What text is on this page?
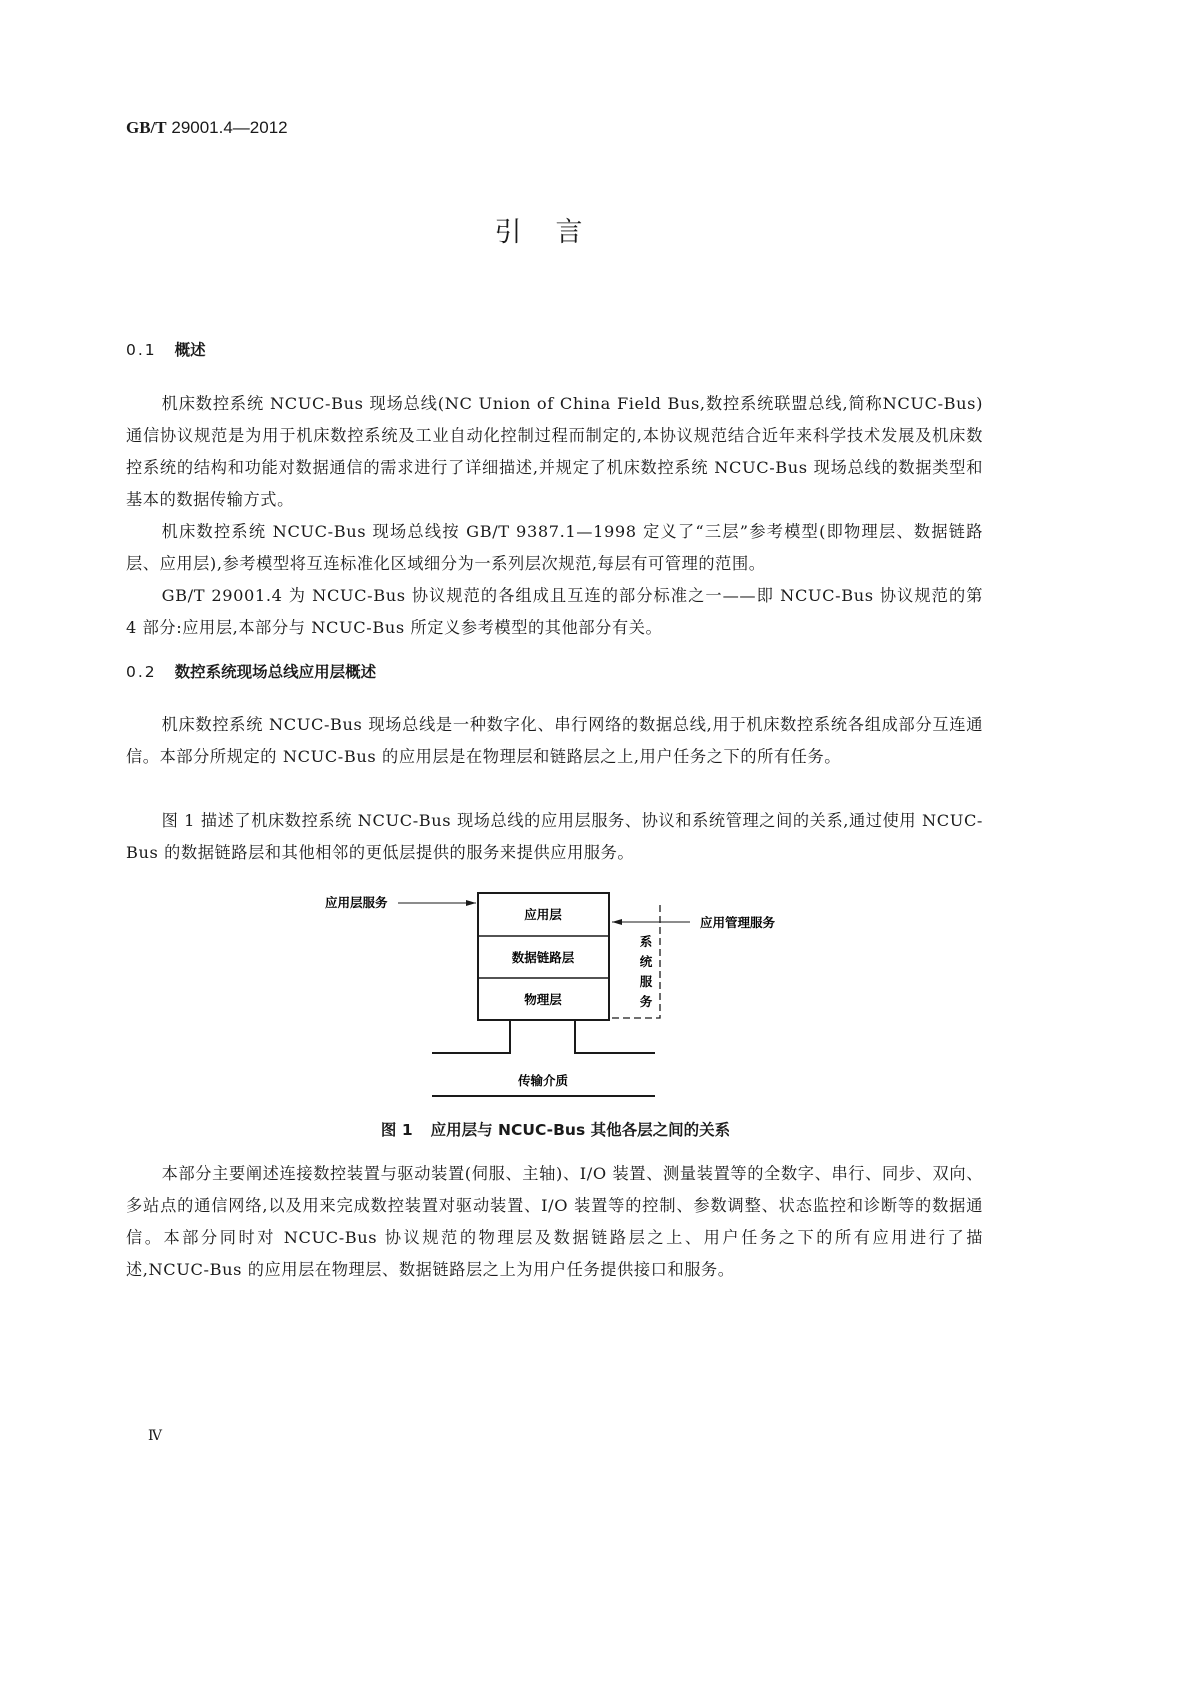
GB/T 29001.4—2012
引言
0.1 概述
机床数控系统 NCUC-Bus 现场总线(NC Union of China Field Bus,数控系统联盟总线,简称NCUC-Bus)通信协议规范是为用于机床数控系统及工业自动化控制过程而制定的,本协议规范结合近年来科学技术发展及机床数控系统的结构和功能对数据通信的需求进行了详细描述,并规定了机床数控系统 NCUC-Bus 现场总线的数据类型和基本的数据传输方式。
机床数控系统 NCUC-Bus 现场总线按 GB/T 9387.1—1998 定义了“三层”参考模型(即物理层、数据链路层、应用层),参考模型将互连标准化区域细分为一系列层次规范,每层有可管理的范围。
GB/T 29001.4 为 NCUC-Bus 协议规范的各组成且互连的部分标准之一——即 NCUC-Bus 协议规范的第 4 部分:应用层,本部分与 NCUC-Bus 所定义参考模型的其他部分有关。
0.2 数控系统现场总线应用层概述
机床数控系统 NCUC-Bus 现场总线是一种数字化、串行网络的数据总线,用于机床数控系统各组成部分互连通信。本部分所规定的 NCUC-Bus 的应用层是在物理层和链路层之上,用户任务之下的所有任务。
图 1 描述了机床数控系统 NCUC-Bus 现场总线的应用层服务、协议和系统管理之间的关系,通过使用 NCUC-Bus 的数据链路层和其他相邻的更低层提供的服务来提供应用服务。
应用层服务
应用层
数据链路层
物理层
应用管理服务
系
统
服
务
传输介质
图 1 应用层与 NCUC-Bus 其他各层之间的关系
本部分主要阐述连接数控装置与驱动装置(伺服、主轴)、I/O 装置、测量装置等的全数字、串行、同步、双向、多站点的通信网络,以及用来完成数控装置对驱动装置、I/O 装置等的控制、参数调整、状态监控和诊断等的数据通信。本部分同时对 NCUC-Bus 协议规范的物理层及数据链路层之上、用户任务之下的所有应用进行了描述,NCUC-Bus 的应用层在物理层、数据链路层之上为用户任务提供接口和服务。
Ⅳ
